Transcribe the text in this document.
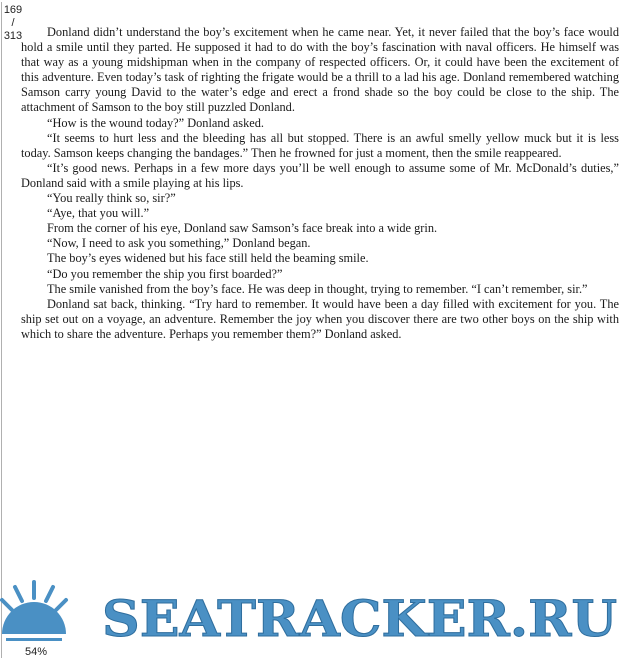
169
/
313	Donland didn’t understand the boy’s excitement when he came near. Yet, it never failed that the boy’s face would hold a smile until they parted. He supposed it had to do with the boy’s fascination with naval officers. He himself was that way as a young midshipman when in the company of respected officers. Or, it could have been the excitement of this adventure. Even today’s task of righting the frigate would be a thrill to a lad his age. Donland remembered watching Samson carry young David to the water’s edge and erect a frond shade so the boy could be close to the ship. The attachment of Samson to the boy still puzzled Donland.

“How is the wound today?” Donland asked.

“It seems to hurt less and the bleeding has all but stopped. There is an awful smelly yellow muck but it is less today. Samson keeps changing the bandages.” Then he frowned for just a moment, then the smile reappeared.

“It’s good news. Perhaps in a few more days you’ll be well enough to assume some of Mr. McDonald’s duties,” Donland said with a smile playing at his lips.

“You really think so, sir?”

“Aye, that you will.”

From the corner of his eye, Donland saw Samson’s face break into a wide grin.

“Now, I need to ask you something,” Donland began.

The boy’s eyes widened but his face still held the beaming smile.

“Do you remember the ship you first boarded?”

The smile vanished from the boy’s face. He was deep in thought, trying to remember. “I can’t remember, sir.”

Donland sat back, thinking. “Try hard to remember. It would have been a day filled with excitement for you. The ship set out on a voyage, an adventure. Remember the joy when you discover there are two other boys on the ship with which to share the adventure. Perhaps you remember them?” Donland asked.

SEATRACKER.RU
54%
